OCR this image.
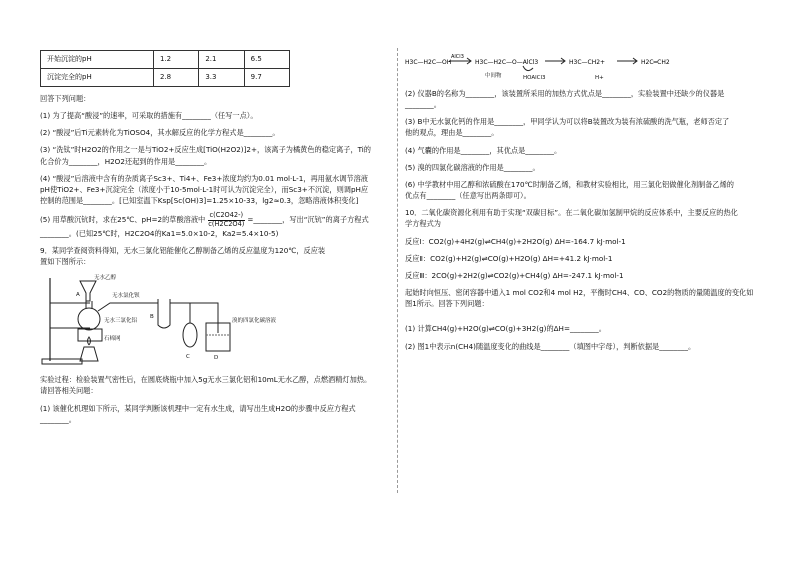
开始沉淀的pH	1.2	2.1	6.5
沉淀完全的pH	2.8	3.3	9.7
回答下列问题：
(1) 为了提高“酸浸”的速率，可采取的措施有________（任写一点）。
(2) “酸浸”后Ti元素转化为TiOSO4，其水解反应的化学方程式是________。
(3) “洗钛”时H2O2的作用之一是与TiO2+反应生成[TiO(H2O2)]2+，该离子为橘黄色的稳定离子，Ti的
化合价为________，H2O2还起到的作用是________。
(4) “酸浸”后溶液中含有的杂质离子Sc3+、Ti4+、Fe3+浓度均约为0.01 mol·L-1，再用氨水调节溶液
pH使TiO2+、Fe3+沉淀完全（浓度小于10-5mol·L-1时可认为沉淀完全），而Sc3+不沉淀，则调pH应
控制的范围是________。[已知室温下Ksp[Sc(OH)3]=1.25×10-33，lg2≈0.3，忽略溶液体积变化]
(5) 用草酸沉钪时，求在25℃、pH=2的草酸溶液中 $\frac{c(C2O42-)}{c(H2C2O4)}$ =________，写出“沉钪”的离子方程式
________。(已知25℃时，H2C2O4的Ka1=5.0×10-2，Ka2=5.4×10-5)
9．某同学查阅资料得知，无水三氯化铝能催化乙醇制备乙烯的反应温度为120℃，反应装
置如下图所示：
无水乙醇
无水氯化钡
无水三氯化铝
石棉网
溴的四氯化碳溶液
A
B
C	D
实验过程：检验装置气密性后，在圆底烧瓶中加入5g无水三氯化铝和10mL无水乙醇，点燃酒精灯加热。
请回答相关问题：
(1) 该催化机理如下所示，某同学判断该机理中一定有水生成，请写出生成H2O的步骤中反应方程式
________。
H3C—H2C—OH
AlCl3
H3C—H2C—O—AlCl3	H3C—CH2+	H2C═CH2
中间物	HOAlCl3	H+
(2) 仪器B的名称为________，该装置所采用的加热方式优点是________，实验装置中还缺少的仪器是
________。
(3) B中无水氯化钙的作用是________，甲同学认为可以将B装置改为装有浓硫酸的洗气瓶，老师否定了
他的观点，理由是________。
(4) 气囊的作用是________，其优点是________。
(5) 溴的四氯化碳溶液的作用是________。
(6) 中学教材中用乙醇和浓硫酸在170℃时制备乙烯，和教材实验相比，用三氯化铝做催化剂制备乙烯的
优点有________（任意写出两条即可）。
10．二氧化碳资源化利用有助于实现“双碳目标”。在二氧化碳加氢制甲烷的反应体系中，主要反应的热化
学方程式为
反应Ⅰ：CO2(g)+4H2(g)⇌CH4(g)+2H2O(g) ΔH=-164.7 kJ·mol-1
反应Ⅱ：CO2(g)+H2(g)⇌CO(g)+H2O(g) ΔH=+41.2 kJ·mol-1
反应Ⅲ：2CO(g)+2H2(g)⇌CO2(g)+CH4(g) ΔH=-247.1 kJ·mol-1
起始时向恒压、密闭容器中通入1 mol CO2和4 mol H2，平衡时CH4、CO、CO2的物质的量随温度的变化如
图1所示。回答下列问题：
(1) 计算CH4(g)+H2O(g)⇌CO(g)+3H2(g)的ΔH=________。
(2) 图1中表示n(CH4)随温度变化的曲线是________（填图中字母），判断依据是________。
